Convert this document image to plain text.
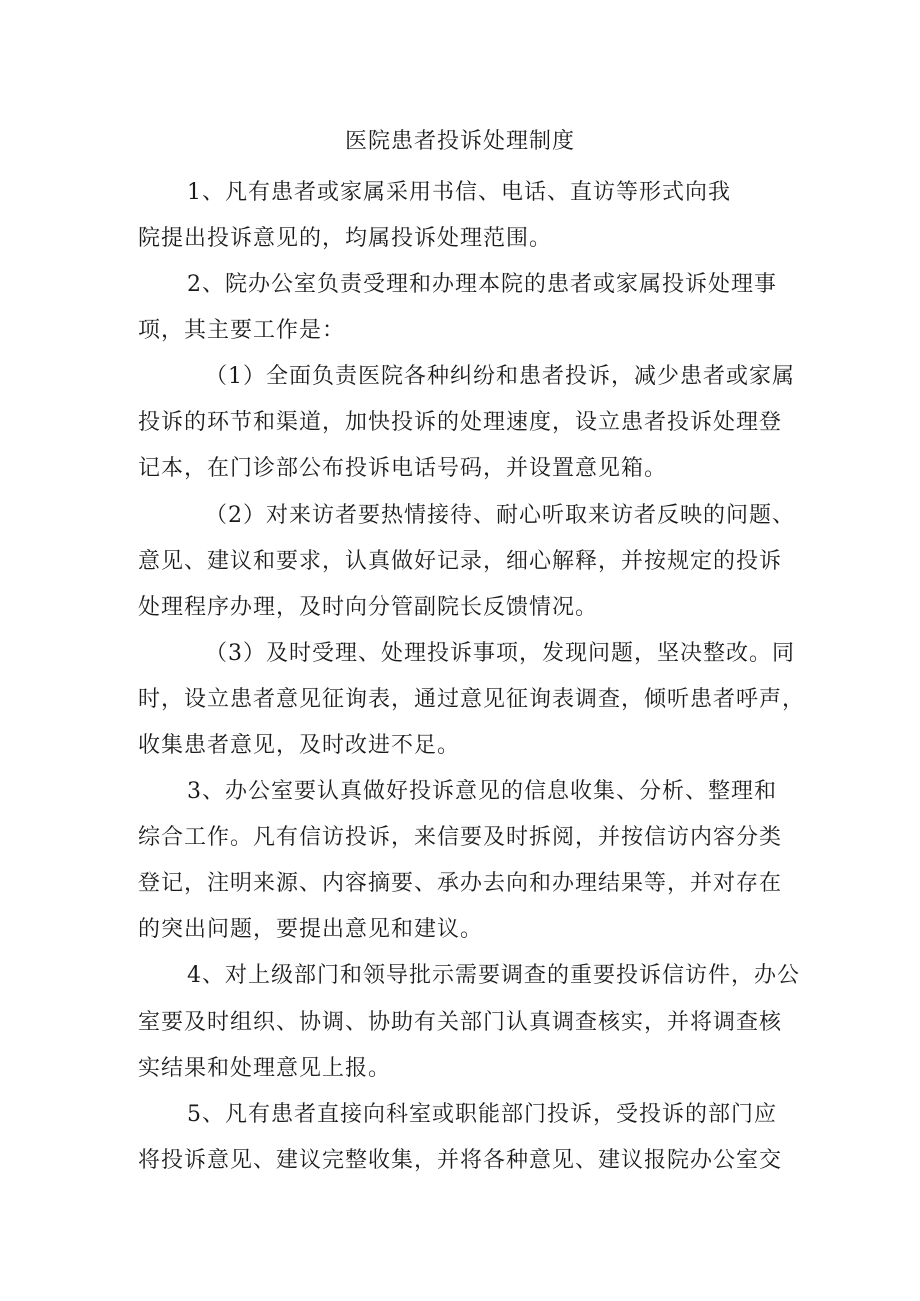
医院患者投诉处理制度

1、凡有患者或家属采用书信、电话、直访等形式向我

院提出投诉意见的，均属投诉处理范围。

2、院办公室负责受理和办理本院的患者或家属投诉处理事

项，其主要工作是：

（1）全面负责医院各种纠纷和患者投诉，减少患者或家属

投诉的环节和渠道，加快投诉的处理速度，设立患者投诉处理登

记本，在门诊部公布投诉电话号码，并设置意见箱。

（2）对来访者要热情接待、耐心听取来访者反映的问题、

意见、建议和要求，认真做好记录，细心解释，并按规定的投诉

处理程序办理，及时向分管副院长反馈情况。

（3）及时受理、处理投诉事项，发现问题，坚决整改。同

时，设立患者意见征询表，通过意见征询表调查，倾听患者呼声，

收集患者意见，及时改进不足。

3、办公室要认真做好投诉意见的信息收集、分析、整理和

综合工作。凡有信访投诉，来信要及时拆阅，并按信访内容分类

登记，注明来源、内容摘要、承办去向和办理结果等，并对存在

的突出问题，要提出意见和建议。

4、对上级部门和领导批示需要调查的重要投诉信访件，办公

室要及时组织、协调、协助有关部门认真调查核实，并将调查核

实结果和处理意见上报。

5、凡有患者直接向科室或职能部门投诉，受投诉的部门应

将投诉意见、建议完整收集，并将各种意见、建议报院办公室交
